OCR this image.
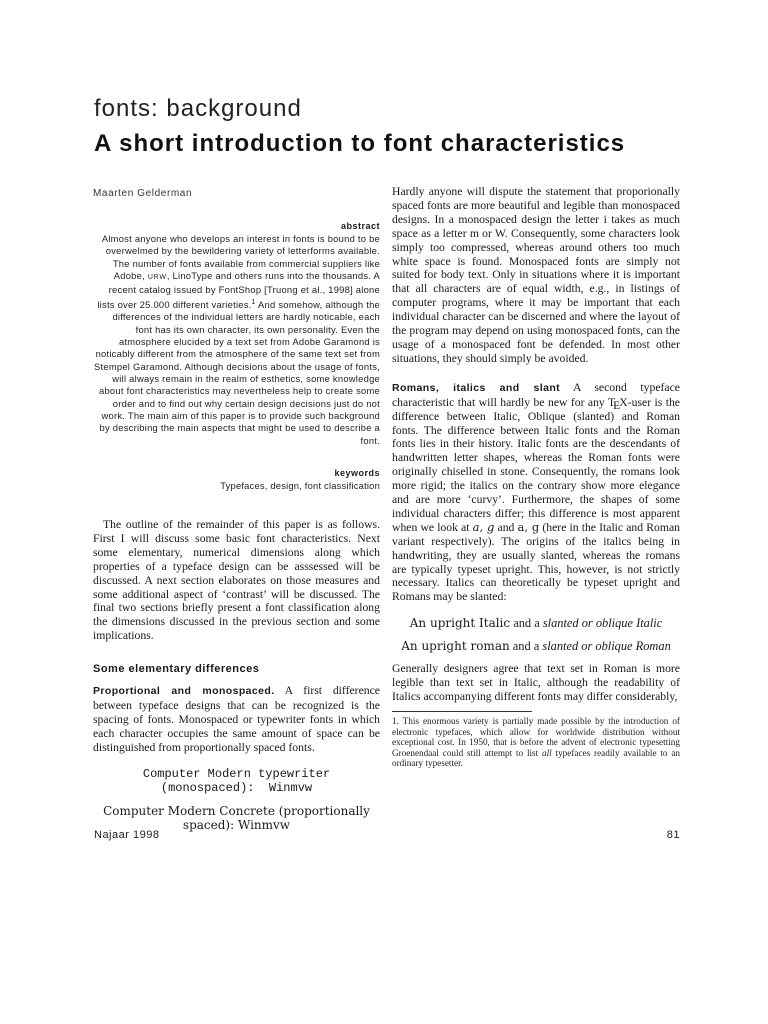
fonts: background
A short introduction to font characteristics
Maarten Gelderman
abstract
Almost anyone who develops an interest in fonts is bound to be overwelmed by the bewildering variety of letterforms available. The number of fonts available from commercial suppliers like Adobe, URW, LinoType and others runs into the thousands. A recent catalog issued by FontShop [Truong et al., 1998] alone lists over 25.000 different varieties.$^1$ And somehow, although the differences of the individual letters are hardly noticable, each font has its own character, its own personality. Even the atmosphere elucided by a text set from Adobe Garamond is noticably different from the atmosphere of the same text set from Stempel Garamond. Although decisions about the usage of fonts, will always remain in the realm of esthetics, some knowledge about font characteristics may nevertheless help to create some order and to find out why certain design decisions just do not work. The main aim of this paper is to provide such background by describing the main aspects that might be used to describe a font.
keywords
Typefaces, design, font classification

The outline of the remainder of this paper is as follows. First I will discuss some basic font characteristics. Next some elementary, numerical dimensions along which properties of a typeface design can be asssessed will be discussed. A next section elaborates on those measures and some additional aspect of ‘contrast’ will be discussed. The final two sections briefly present a font classification along the dimensions discussed in the previous section and some implications.

Some elementary differences

Proportional and monospaced. A first difference between typeface designs that can be recognized is the spacing of fonts. Monospaced or typewriter fonts in which each character occupies the same amount of space can be distinguished from proportionally spaced fonts.

Computer Modern typewriter
(monospaced):  Winmvw

Computer Modern Concrete (proportionally spaced): Winmvw

Hardly anyone will dispute the statement that proporionally spaced fonts are more beautiful and legible than monospaced designs. In a monospaced design the letter i takes as much space as a letter m or W. Consequently, some characters look simply too compressed, whereas around others too much white space is found. Monospaced fonts are simply not suited for body text. Only in situations where it is important that all characters are of equal width, e.g., in listings of computer programs, where it may be important that each individual character can be discerned and where the layout of the program may depend on using monospaced fonts, can the usage of a monospaced font be defended. In most other situations, they should simply be avoided.

Romans, italics and slant A second typeface characteristic that will hardly be new for any TEX-user is the difference between Italic, Oblique (slanted) and Roman fonts. The difference between Italic fonts and the Roman fonts lies in their history. Italic fonts are the descendants of handwritten letter shapes, whereas the Roman fonts were originally chiselled in stone. Consequently, the romans look more rigid; the italics on the contrary show more elegance and are more ‘curvy’. Furthermore, the shapes of some individual characters differ; this difference is most apparent when we look at a, g and a, g (here in the Italic and Roman variant respectively). The origins of the italics being in handwriting, they are usually slanted, whereas the romans are typically typeset upright. This, however, is not strictly necessary. Italics can theoretically be typeset upright and Romans may be slanted:

An upright Italic and a slanted or oblique Italic

An upright roman and a slanted or oblique Roman

Generally designers agree that text set in Roman is more legible than text set in Italic, although the readability of Italics accompanying different fonts may differ considerably,

1. This enormous variety is partially made possible by the introduction of electronic typefaces, which allow for worldwide distribution without exceptional cost. In 1950, that is before the advent of electronic typesetting Groenendaal could still attempt to list all typefaces readily available to an ordinary typesetter.

Najaar 1998	81
